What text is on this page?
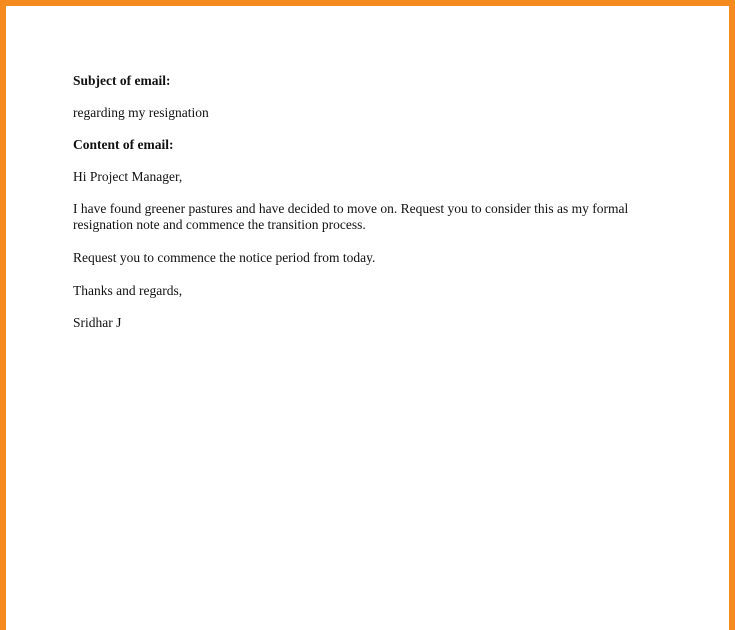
Subject of email:
regarding my resignation
Content of email:
Hi Project Manager,
I have found greener pastures and have decided to move on. Request you to consider this as my formal
resignation note and commence the transition process.
Request you to commence the notice period from today.
Thanks and regards,
Sridhar J
